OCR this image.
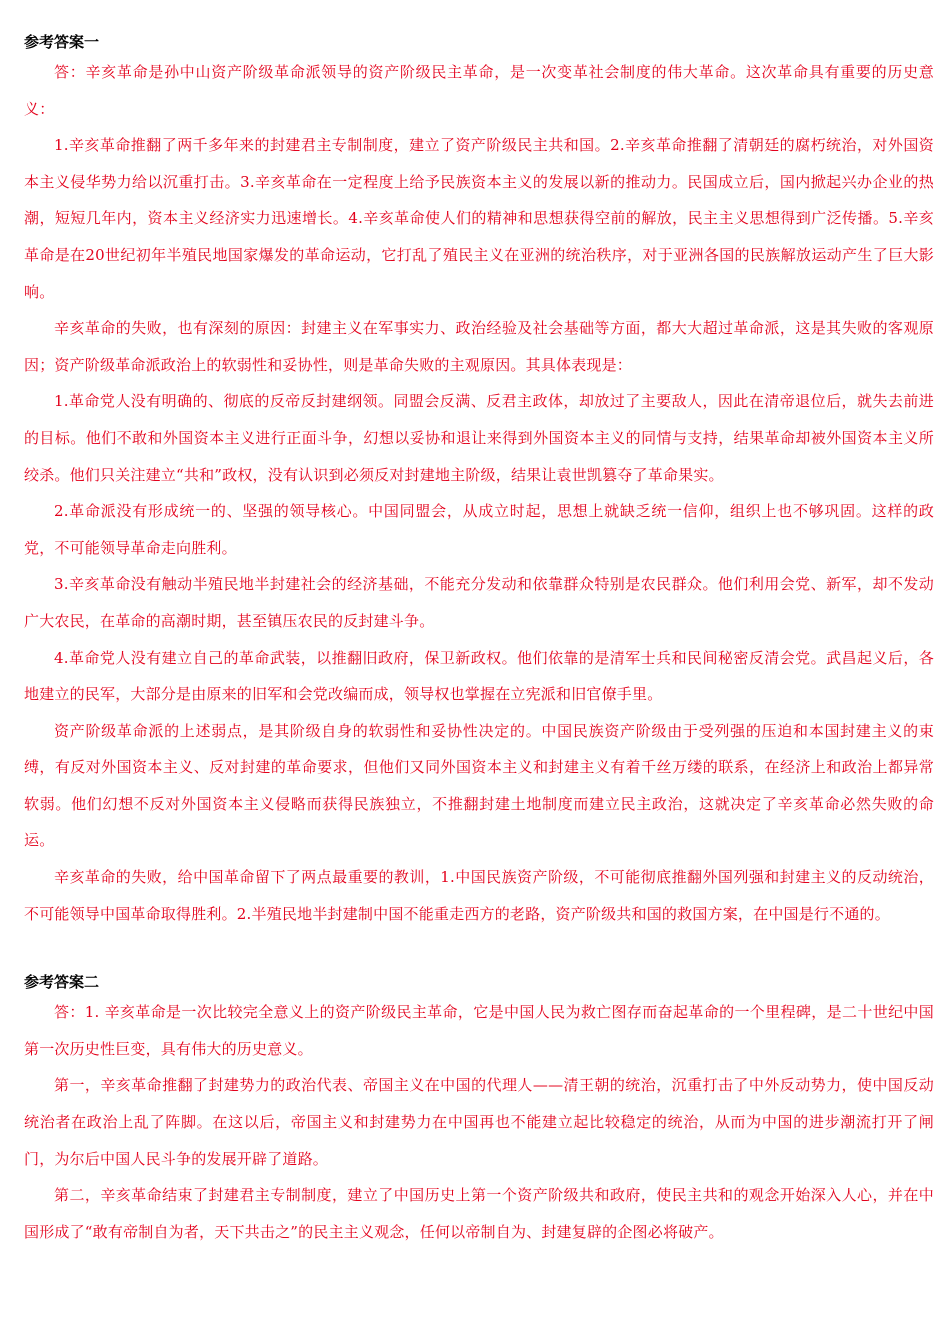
参考答案一

答：辛亥革命是孙中山资产阶级革命派领导的资产阶级民主革命，是一次变革社会制度的伟大革命。这次革命具有重要的历史意义：

1.辛亥革命推翻了两千多年来的封建君主专制制度，建立了资产阶级民主共和国。2.辛亥革命推翻了清朝廷的腐朽统治，对外国资本主义侵华势力给以沉重打击。3.辛亥革命在一定程度上给予民族资本主义的发展以新的推动力。民国成立后，国内掀起兴办企业的热潮，短短几年内，资本主义经济实力迅速增长。4.辛亥革命使人们的精神和思想获得空前的解放，民主主义思想得到广泛传播。5.辛亥革命是在20世纪初年半殖民地国家爆发的革命运动，它打乱了殖民主义在亚洲的统治秩序，对于亚洲各国的民族解放运动产生了巨大影响。

辛亥革命的失败，也有深刻的原因：封建主义在军事实力、政治经验及社会基础等方面，都大大超过革命派，这是其失败的客观原因；资产阶级革命派政治上的软弱性和妥协性，则是革命失败的主观原因。其具体表现是：

1.革命党人没有明确的、彻底的反帝反封建纲领。同盟会反满、反君主政体，却放过了主要敌人，因此在清帝退位后，就失去前进的目标。他们不敢和外国资本主义进行正面斗争，幻想以妥协和退让来得到外国资本主义的同情与支持，结果革命却被外国资本主义所绞杀。他们只关注建立“共和”政权，没有认识到必须反对封建地主阶级，结果让袁世凯篡夺了革命果实。

2.革命派没有形成统一的、坚强的领导核心。中国同盟会，从成立时起，思想上就缺乏统一信仰，组织上也不够巩固。这样的政党，不可能领导革命走向胜利。

3.辛亥革命没有触动半殖民地半封建社会的经济基础，不能充分发动和依靠群众特别是农民群众。他们利用会党、新军，却不发动广大农民，在革命的高潮时期，甚至镇压农民的反封建斗争。

4.革命党人没有建立自己的革命武装，以推翻旧政府，保卫新政权。他们依靠的是清军士兵和民间秘密反清会党。武昌起义后，各地建立的民军，大部分是由原来的旧军和会党改编而成，领导权也掌握在立宪派和旧官僚手里。

资产阶级革命派的上述弱点，是其阶级自身的软弱性和妥协性决定的。中国民族资产阶级由于受列强的压迫和本国封建主义的束缚，有反对外国资本主义、反对封建的革命要求，但他们又同外国资本主义和封建主义有着千丝万缕的联系，在经济上和政治上都异常软弱。他们幻想不反对外国资本主义侵略而获得民族独立，不推翻封建土地制度而建立民主政治，这就决定了辛亥革命必然失败的命运。

辛亥革命的失败，给中国革命留下了两点最重要的教训，1.中国民族资产阶级，不可能彻底推翻外国列强和封建主义的反动统治，不可能领导中国革命取得胜利。2.半殖民地半封建制中国不能重走西方的老路，资产阶级共和国的救国方案，在中国是行不通的。

参考答案二

答：1. 辛亥革命是一次比较完全意义上的资产阶级民主革命，它是中国人民为救亡图存而奋起革命的一个里程碑，是二十世纪中国第一次历史性巨变，具有伟大的历史意义。

第一，辛亥革命推翻了封建势力的政治代表、帝国主义在中国的代理人——清王朝的统治，沉重打击了中外反动势力，使中国反动统治者在政治上乱了阵脚。在这以后，帝国主义和封建势力在中国再也不能建立起比较稳定的统治，从而为中国的进步潮流打开了闸门，为尔后中国人民斗争的发展开辟了道路。

第二，辛亥革命结束了封建君主专制制度，建立了中国历史上第一个资产阶级共和政府，使民主共和的观念开始深入人心，并在中国形成了“敢有帝制自为者，天下共击之”的民主主义观念，任何以帝制自为、封建复辟的企图必将破产。
